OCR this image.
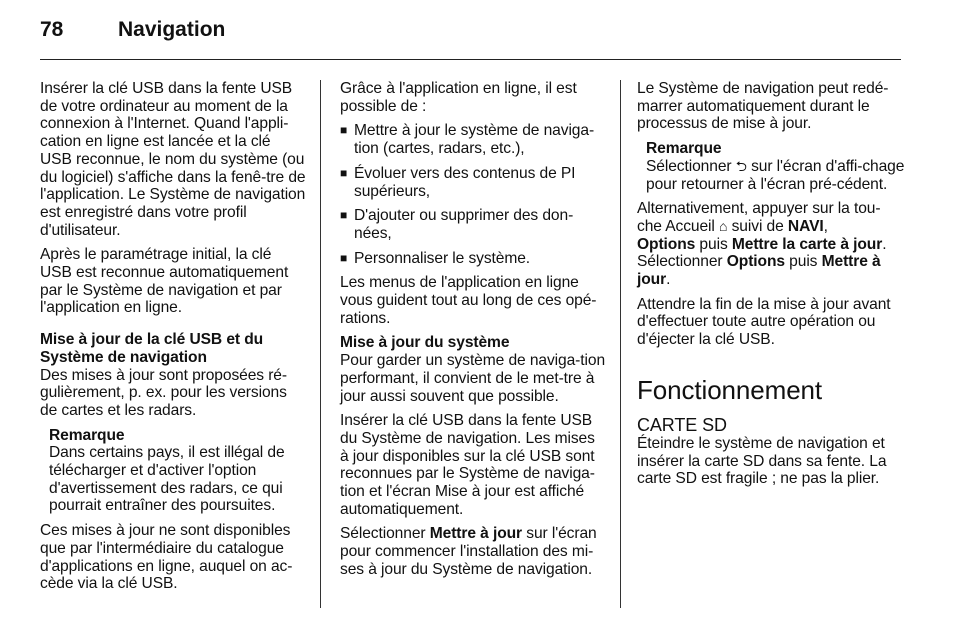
78	Navigation

Insérer la clé USB dans la fente USB de votre ordinateur au moment de la connexion à l'Internet. Quand l'appli-cation en ligne est lancée et la clé USB reconnue, le nom du système (ou du logiciel) s'affiche dans la fenê-tre de l'application. Le Système de navigation est enregistré dans votre profil d'utilisateur.

Après le paramétrage initial, la clé USB est reconnue automatiquement par le Système de navigation et par l'application en ligne.

Mise à jour de la clé USB et du Système de navigation

Des mises à jour sont proposées ré-gulièrement, p. ex. pour les versions de cartes et les radars.

Remarque
Dans certains pays, il est illégal de télécharger et d'activer l'option d'avertissement des radars, ce qui pourrait entraîner des poursuites.

Ces mises à jour ne sont disponibles que par l'intermédiaire du catalogue d'applications en ligne, auquel on ac-cède via la clé USB.

Grâce à l'application en ligne, il est possible de :

■ Mettre à jour le système de naviga-tion (cartes, radars, etc.),
■ Évoluer vers des contenus de PI supérieurs,
■ D'ajouter ou supprimer des don-nées,
■ Personnaliser le système.

Les menus de l'application en ligne vous guident tout au long de ces opé-rations.

Mise à jour du système

Pour garder un système de naviga-tion performant, il convient de le met-tre à jour aussi souvent que possible.

Insérer la clé USB dans la fente USB du Système de navigation. Les mises à jour disponibles sur la clé USB sont reconnues par le Système de naviga-tion et l'écran Mise à jour est affiché automatiquement.

Sélectionner Mettre à jour sur l'écran pour commencer l'installation des mi-ses à jour du Système de navigation.

Le Système de navigation peut redé-marrer automatiquement durant le processus de mise à jour.

Remarque
Sélectionner ⮌ sur l'écran d'affi-chage pour retourner à l'écran pré-cédent.

Alternativement, appuyer sur la tou-che Accueil ⌂ suivi de NAVI,
Options puis Mettre la carte à jour.
Sélectionner Options puis Mettre à jour.

Attendre la fin de la mise à jour avant d'effectuer toute autre opération ou d'éjecter la clé USB.

Fonctionnement
CARTE SD

Éteindre le système de navigation et insérer la carte SD dans sa fente. La carte SD est fragile ; ne pas la plier.
